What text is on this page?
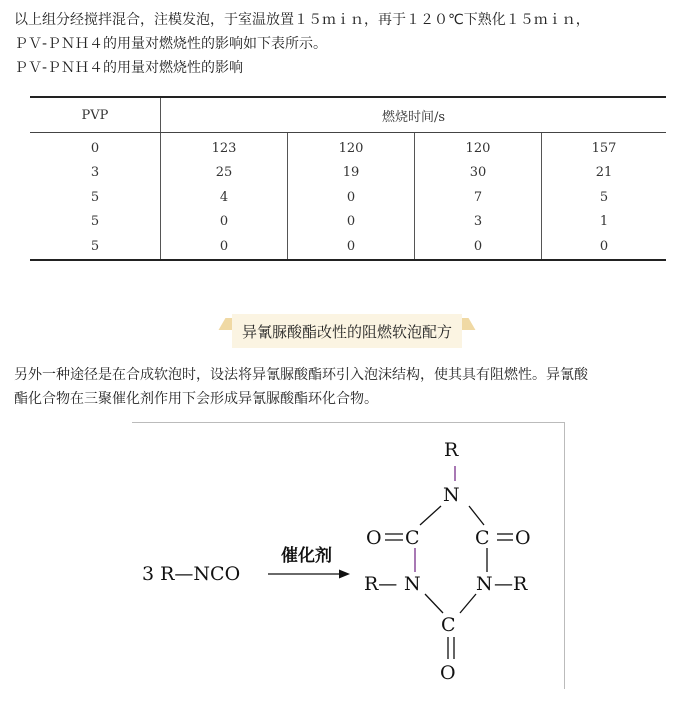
以上组分经搅拌混合，注模发泡，于室温放置１５ｍｉｎ，再于１２０℃下熟化１５ｍｉｎ，
ＰＶ-ＰＮＨ４的用量对燃烧性的影响如下表所示。
ＰＶ-ＰＮＨ４的用量对燃烧性的影响
PVP	燃烧时间/s			
0	123	120	120	157
3	25	19	30	21
5	4	0	7	5
5	0	0	3	1
5	0	0	0	0
异氰脲酸酯改性的阻燃软泡配方
另外一种途径是在合成软泡时，设法将异氰脲酸酯环引入泡沫结构，使其具有阻燃性。异氰酸
酯化合物在三聚催化剂作用下会形成异氰脲酸酯环化合物。
3 R—NCO
催化剂
R
N
O C	C O
R— N	N —R
C
O
